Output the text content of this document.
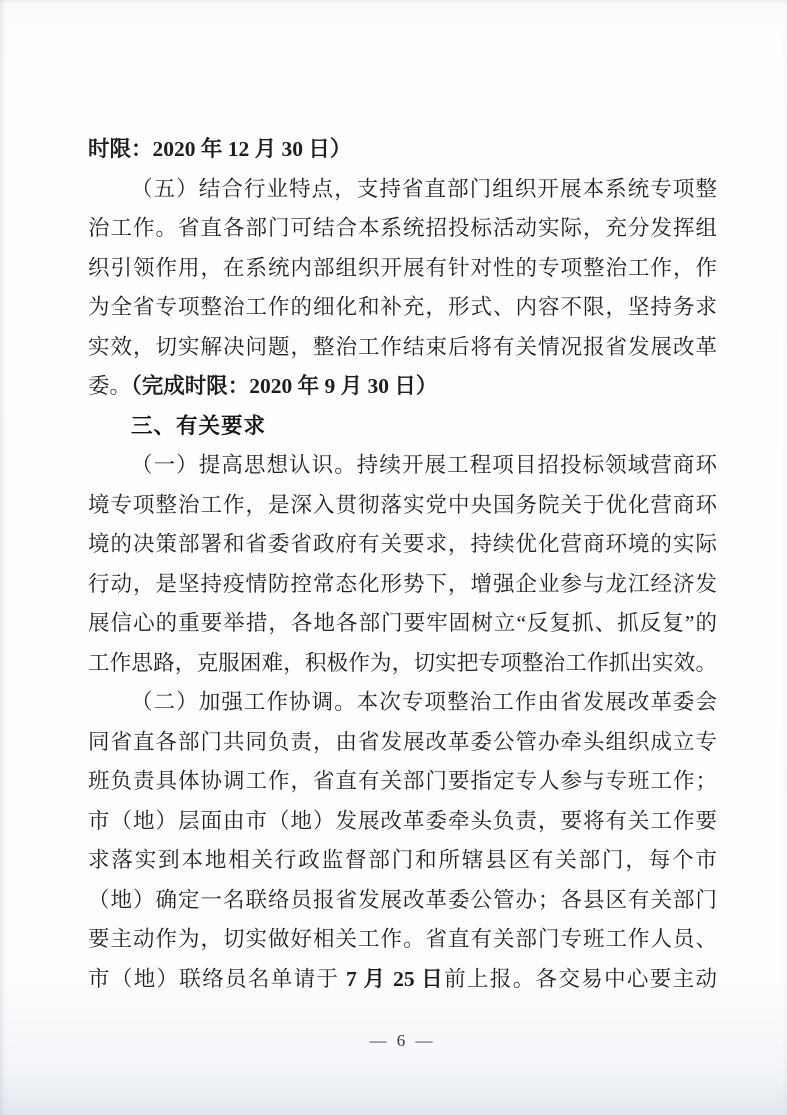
时限：2020 年 12 月 30 日）
（五）结合行业特点，支持省直部门组织开展本系统专项整
治工作。省直各部门可结合本系统招投标活动实际，充分发挥组
织引领作用，在系统内部组织开展有针对性的专项整治工作，作
为全省专项整治工作的细化和补充，形式、内容不限，坚持务求
实效，切实解决问题，整治工作结束后将有关情况报省发展改革
委。（完成时限：2020 年 9 月 30 日）
三、有关要求
（一）提高思想认识。持续开展工程项目招投标领域营商环
境专项整治工作，是深入贯彻落实党中央国务院关于优化营商环
境的决策部署和省委省政府有关要求，持续优化营商环境的实际
行动，是坚持疫情防控常态化形势下，增强企业参与龙江经济发
展信心的重要举措，各地各部门要牢固树立“反复抓、抓反复”的
工作思路，克服困难，积极作为，切实把专项整治工作抓出实效。
（二）加强工作协调。本次专项整治工作由省发展改革委会
同省直各部门共同负责，由省发展改革委公管办牵头组织成立专
班负责具体协调工作，省直有关部门要指定专人参与专班工作；
市（地）层面由市（地）发展改革委牵头负责，要将有关工作要
求落实到本地相关行政监督部门和所辖县区有关部门，每个市
（地）确定一名联络员报省发展改革委公管办；各县区有关部门
要主动作为，切实做好相关工作。省直有关部门专班工作人员、
市（地）联络员名单请于 7 月 25 日前上报。各交易中心要主动
— 6 —
